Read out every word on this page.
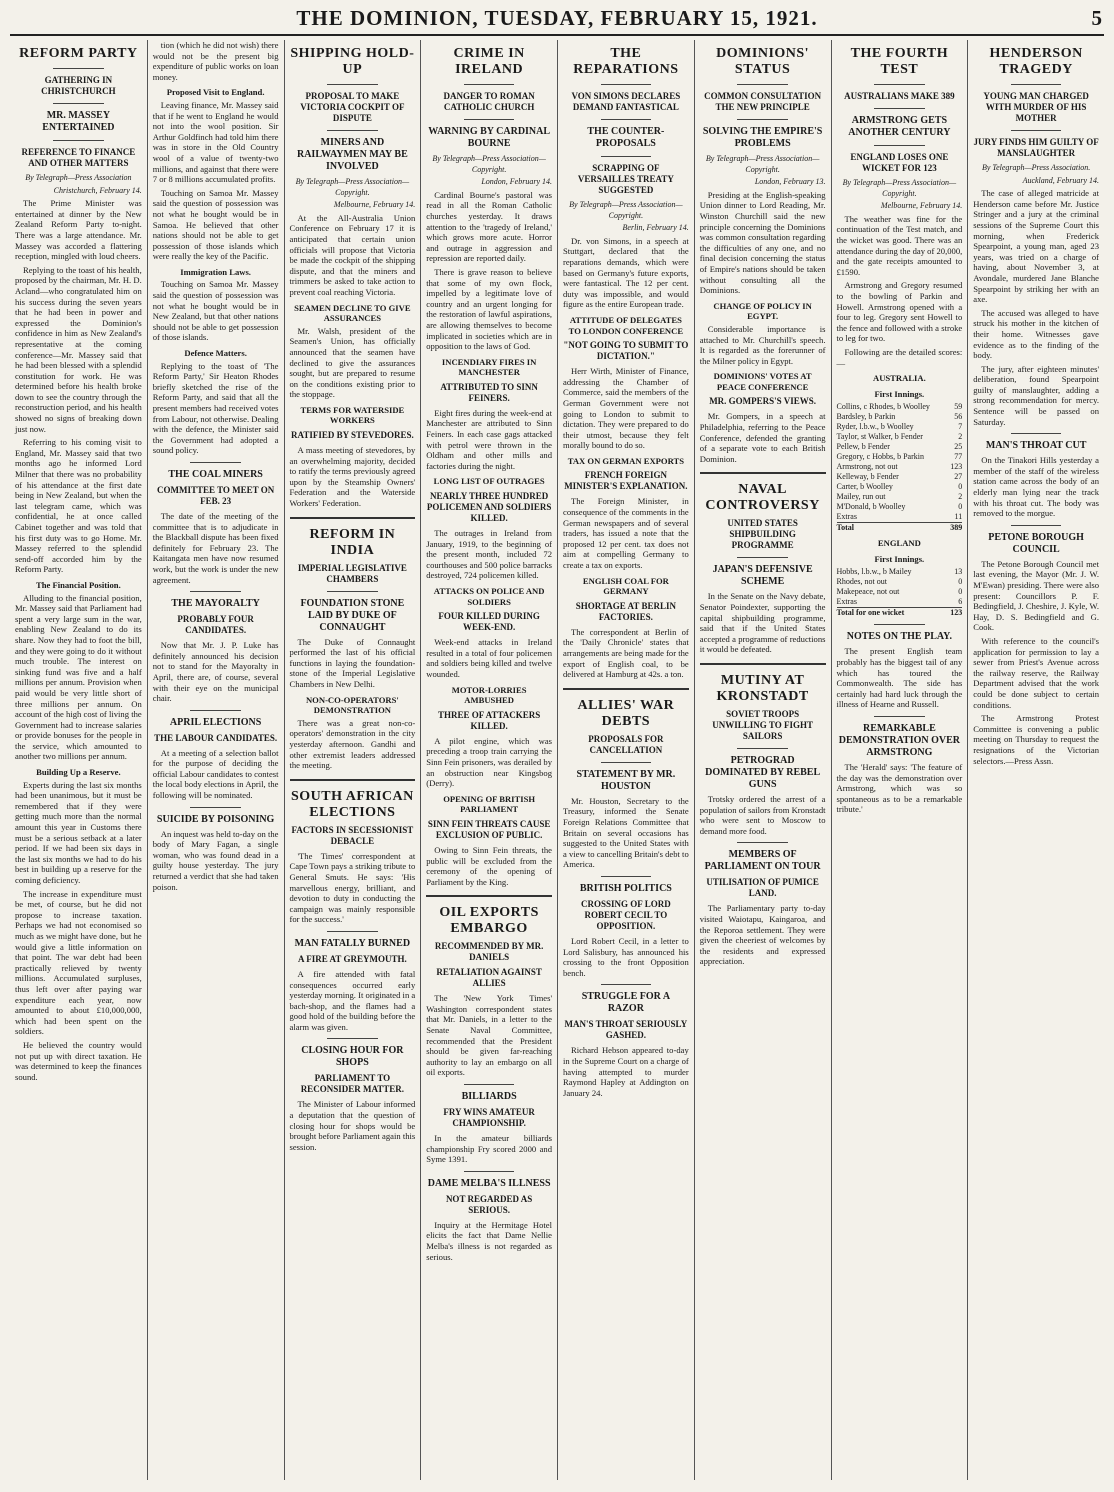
THE DOMINION, TUESDAY, FEBRUARY 15, 1921.	5
REFORM PARTY
GATHERING IN CHRISTCHURCH
MR. MASSEY ENTERTAINED
REFERENCE TO FINANCE AND OTHER MATTERS
By Telegraph—Press Association
Christchurch, February 14.

The Prime Minister was entertained at dinner by the New Zealand Reform Party to-night. There was a large attendance. Mr. Massey was accorded a flattering reception, mingled with loud cheers.

Replying to the toast of his health, proposed by the chairman, Mr. H. D. Acland—who congratulated him on his success during the seven years that he had been in power and expressed the Dominion's confidence in him as New Zealand's representative at the coming conference—Mr. Massey said that he had been blessed with a splendid constitution for work. He was determined before his health broke down to see the country through the reconstruction period, and his health showed no signs of breaking down just now.

Referring to his coming visit to England, Mr. Massey said that two months ago he informed Lord Milner that there was no probability of his attendance at the first date being in New Zealand, but when the last telegram came, which was confidential, he at once called Cabinet together and was told that his first duty was to go Home. Mr. Massey referred to the splendid send-off accorded him by the Reform Party.

The Financial Position.

Alluding to the financial position, Mr. Massey said that Parliament had spent a very large sum in the war, enabling New Zealand to do its share. Now they had to foot the bill, and they were going to do it without much trouble. The interest on sinking fund was five and a half millions per annum. Provision when paid would be very little short of three millions per annum. On account of the high cost of living the Government had to increase salaries or provide bonuses for the people in the service, which amounted to another two millions per annum.

Building Up a Reserve.

Experts during the last six months had been unanimous, but it must be remembered that if they were getting much more than the normal amount this year in Customs there must be a serious setback at a later period. If we had been six days in the last six months we had to do his best in building up a reserve for the coming deficiency.

The increase in expenditure must be met, of course, but he did not propose to increase taxation. Perhaps we had not economised so much as we might have done, but he would give a little information on that point. The war debt had been practically relieved by twenty millions. Accumulated surpluses, thus left over after paying war expenditure each year, now amounted to about £10,000,000, which had been spent on the soldiers.

He believed the country would not put up with direct taxation. He was determined to keep the finances sound.

tion (which he did not wish) there would not be the present big expenditure of public works on loan money.

Proposed Visit to England.

Leaving finance, Mr. Massey said that if he went to England he would not into the wool position. Sir Arthur Goldfinch had told him there was in store in the Old Country wool of a value of twenty-two millions, and against that there were 7 or 8 millions accumulated profits.

Touching on Samoa Mr. Massey said the question of possession was not what he bought would be in Samoa. He believed that other nations should not be able to get possession of those islands which were really the key of the Pacific.

Immigration Laws.

Touching on Samoa Mr. Massey said the question of possession was not what he bought would be in New Zealand, but that other nations should not be able to get possession of those islands.

Defence Matters.

Replying to the toast of 'The Reform Party,' Sir Heaton Rhodes briefly sketched the rise of the Reform Party, and said that all the present members had received votes from Labour, not otherwise. Dealing with the defence, the Minister said the Government had adopted a sound policy.

THE COAL MINERS
COMMITTEE TO MEET ON FEB. 23

The date of the meeting of the committee that is to adjudicate in the Blackball dispute has been fixed definitely for February 23. The Kaitangata men have now resumed work, but the work is under the new agreement.

THE MAYORALTY
PROBABLY FOUR CANDIDATES.

Now that Mr. J. P. Luke has definitely announced his decision not to stand for the Mayoralty in April, there are, of course, several with their eye on the municipal chair.

APRIL ELECTIONS
THE LABOUR CANDIDATES.

At a meeting of a selection ballot for the purpose of deciding the official Labour candidates to contest the local body elections in April, the following will be nominated.

SUICIDE BY POISONING

An inquest was held to-day on the body of Mary Fagan, a single woman, who was found dead in a guilty house yesterday. The jury returned a verdict that she had taken poison.

SHIPPING HOLD-UP
PROPOSAL TO MAKE VICTORIA COCKPIT OF DISPUTE
MINERS AND RAILWAYMEN MAY BE INVOLVED
By Telegraph—Press Association—Copyright.
Melbourne, February 14.

At the All-Australia Union Conference on February 17 it is anticipated that certain union officials will propose that Victoria be made the cockpit of the shipping dispute, and that the miners and trimmers be asked to take action to prevent coal reaching Victoria.

SEAMEN DECLINE TO GIVE ASSURANCES

Mr. Walsh, president of the Seamen's Union, has officially announced that the seamen have declined to give the assurances sought, but are prepared to resume on the conditions existing prior to the stoppage.

TERMS FOR WATERSIDE WORKERS
RATIFIED BY STEVEDORES.

A mass meeting of stevedores, by an overwhelming majority, decided to ratify the terms previously agreed upon by the Steamship Owners' Federation and the Waterside Workers' Federation.

REFORM IN INDIA
IMPERIAL LEGISLATIVE CHAMBERS
FOUNDATION STONE LAID BY DUKE OF CONNAUGHT

The Duke of Connaught performed the last of his official functions in laying the foundation-stone of the Imperial Legislative Chambers in New Delhi.

NON-CO-OPERATORS' DEMONSTRATION

There was a great non-co-operators' demonstration in the city yesterday afternoon. Gandhi and other extremist leaders addressed the meeting.

SOUTH AFRICAN ELECTIONS
FACTORS IN SECESSIONIST DEBACLE

'The Times' correspondent at Cape Town pays a striking tribute to General Smuts. He says: 'His marvellous energy, brilliant, and devotion to duty in conducting the campaign was mainly responsible for the success.'

MAN FATALLY BURNED
A FIRE AT GREYMOUTH.

A fire attended with fatal consequences occurred early yesterday morning. It originated in a bach-shop, and the flames had a good hold of the building before the alarm was given.

CLOSING HOUR FOR SHOPS
PARLIAMENT TO RECONSIDER MATTER.

The Minister of Labour informed a deputation that the question of closing hour for shops would be brought before Parliament again this session.

CRIME IN IRELAND
DANGER TO ROMAN CATHOLIC CHURCH
WARNING BY CARDINAL BOURNE
By Telegraph—Press Association—Copyright.
London, February 14.

Cardinal Bourne's pastoral was read in all the Roman Catholic churches yesterday. It draws attention to the 'tragedy of Ireland,' which grows more acute. Horror and outrage in aggression and repression are reported daily.

There is grave reason to believe that some of my own flock, impelled by a legitimate love of country and an urgent longing for the restoration of lawful aspirations, are allowing themselves to become implicated in societies which are in opposition to the laws of God.

INCENDIARY FIRES IN MANCHESTER
ATTRIBUTED TO SINN FEINERS.

Eight fires during the week-end at Manchester are attributed to Sinn Feiners. In each case gags attacked with petrol were thrown in the Oldham and other mills and factories during the night.

LONG LIST OF OUTRAGES
NEARLY THREE HUNDRED POLICEMEN AND SOLDIERS KILLED.

The outrages in Ireland from January, 1919, to the beginning of the present month, included 72 courthouses and 500 police barracks destroyed, 724 policemen killed.

ATTACKS ON POLICE AND SOLDIERS
FOUR KILLED DURING WEEK-END.

Week-end attacks in Ireland resulted in a total of four policemen and soldiers being killed and twelve wounded.

MOTOR-LORRIES AMBUSHED
THREE OF ATTACKERS KILLED.

A pilot engine, which was preceding a troop train carrying the Sinn Fein prisoners, was derailed by an obstruction near Kingsbog (Derry).

OPENING OF BRITISH PARLIAMENT
SINN FEIN THREATS CAUSE EXCLUSION OF PUBLIC.

Owing to Sinn Fein threats, the public will be excluded from the ceremony of the opening of Parliament by the King.

OIL EXPORTS EMBARGO
RECOMMENDED BY MR. DANIELS
RETALIATION AGAINST ALLIES

The 'New York Times' Washington correspondent states that Mr. Daniels, in a letter to the Senate Naval Committee, recommended that the President should be given far-reaching authority to lay an embargo on all oil exports.

BILLIARDS
FRY WINS AMATEUR CHAMPIONSHIP.

In the amateur billiards championship Fry scored 2000 and Syme 1391.

DAME MELBA'S ILLNESS
NOT REGARDED AS SERIOUS.

Inquiry at the Hermitage Hotel elicits the fact that Dame Nellie Melba's illness is not regarded as serious.

THE REPARATIONS
VON SIMONS DECLARES DEMAND FANTASTICAL
THE COUNTER-PROPOSALS
SCRAPPING OF VERSAILLES TREATY SUGGESTED
By Telegraph—Press Association—Copyright.
Berlin, February 14.

Dr. von Simons, in a speech at Stuttgart, declared that the reparations demands, which were based on Germany's future exports, were fantastical. The 12 per cent. duty was impossible, and would figure as the entire European trade.

ATTITUDE OF DELEGATES TO LONDON CONFERENCE
"NOT GOING TO SUBMIT TO DICTATION."

Herr Wirth, Minister of Finance, addressing the Chamber of Commerce, said the members of the German Government were not going to London to submit to dictation. They were prepared to do their utmost, because they felt morally bound to do so.

TAX ON GERMAN EXPORTS
FRENCH FOREIGN MINISTER'S EXPLANATION.

The Foreign Minister, in consequence of the comments in the German newspapers and of several traders, has issued a note that the proposed 12 per cent. tax does not aim at compelling Germany to create a tax on exports.

ENGLISH COAL FOR GERMANY
SHORTAGE AT BERLIN FACTORIES.

The correspondent at Berlin of the 'Daily Chronicle' states that arrangements are being made for the export of English coal, to be delivered at Hamburg at 42s. a ton.

ALLIES' WAR DEBTS
PROPOSALS FOR CANCELLATION
STATEMENT BY MR. HOUSTON

Mr. Houston, Secretary to the Treasury, informed the Senate Foreign Relations Committee that Britain on several occasions has suggested to the United States with a view to cancelling Britain's debt to America.

BRITISH POLITICS
CROSSING OF LORD ROBERT CECIL TO OPPOSITION.

Lord Robert Cecil, in a letter to Lord Salisbury, has announced his crossing to the front Opposition bench.

STRUGGLE FOR A RAZOR
MAN'S THROAT SERIOUSLY GASHED.

Richard Hebson appeared to-day in the Supreme Court on a charge of having attempted to murder Raymond Hapley at Addington on January 24.

DOMINIONS' STATUS
COMMON CONSULTATION THE NEW PRINCIPLE
SOLVING THE EMPIRE'S PROBLEMS
By Telegraph—Press Association—Copyright.
London, February 13.

Presiding at the English-speaking Union dinner to Lord Reading, Mr. Winston Churchill said the new principle concerning the Dominions was common consultation regarding the difficulties of any one, and no final decision concerning the status of Empire's nations should be taken without consulting all the Dominions.

CHANGE OF POLICY IN EGYPT.

Considerable importance is attached to Mr. Churchill's speech. It is regarded as the forerunner of the Milner policy in Egypt.

DOMINIONS' VOTES AT PEACE CONFERENCE
MR. GOMPERS'S VIEWS.

Mr. Gompers, in a speech at Philadelphia, referring to the Peace Conference, defended the granting of a separate vote to each British Dominion.

NAVAL CONTROVERSY
UNITED STATES SHIPBUILDING PROGRAMME
JAPAN'S DEFENSIVE SCHEME

In the Senate on the Navy debate, Senator Poindexter, supporting the capital shipbuilding programme, said that if the United States accepted a programme of reductions it would be defeated.

MUTINY AT KRONSTADT
SOVIET TROOPS UNWILLING TO FIGHT SAILORS
PETROGRAD DOMINATED BY REBEL GUNS

Trotsky ordered the arrest of a population of sailors from Kronstadt who were sent to Moscow to demand more food.

MEMBERS OF PARLIAMENT ON TOUR
UTILISATION OF PUMICE LAND.

The Parliamentary party to-day visited Waiotapu, Kaingaroa, and the Reporoa settlement. They were given the cheeriest of welcomes by the residents and expressed appreciation.

THE FOURTH TEST
AUSTRALIANS MAKE 389
ARMSTRONG GETS ANOTHER CENTURY
ENGLAND LOSES ONE WICKET FOR 123
By Telegraph—Press Association—Copyright.
Melbourne, February 14.

The weather was fine for the continuation of the Test match, and the wicket was good. There was an attendance during the day of 20,000, and the gate receipts amounted to £1590.

Armstrong and Gregory resumed to the bowling of Parkin and Howell. Armstrong opened with a four to leg. Gregory sent Howell to the fence and followed with a stroke to leg for two.

Following are the detailed scores:—

AUSTRALIA.
First Innings.
Collins, c Rhodes, b Woolley	59
Bardsley, b Parkin	56
Ryder, l.b.w., b Woolley	7
Taylor, st Walker, b Fender	2
Pellew, b Fender	25
Gregory, c Hobbs, b Parkin	77
Armstrong, not out	123
Kelleway, b Fender	27
Carter, b Woolley	0
Mailey, run out	2
M'Donald, b Woolley	0
Extras	11
Total	389
ENGLAND
First Innings.
Hobbs, l.b.w., b Mailey	13
Rhodes, not out	0
Makepeace, not out	0
Extras	6
Total for one wicket	123
NOTES ON THE PLAY.

The present English team probably has the biggest tail of any which has toured the Commonwealth. The side has certainly had hard luck through the illness of Hearne and Russell.

REMARKABLE DEMONSTRATION OVER ARMSTRONG

The 'Herald' says: 'The feature of the day was the demonstration over Armstrong, which was so spontaneous as to be a remarkable tribute.'

HENDERSON TRAGEDY
YOUNG MAN CHARGED WITH MURDER OF HIS MOTHER
JURY FINDS HIM GUILTY OF MANSLAUGHTER
By Telegraph—Press Association.
Auckland, February 14.

The case of alleged matricide at Henderson came before Mr. Justice Stringer and a jury at the criminal sessions of the Supreme Court this morning, when Frederick Spearpoint, a young man, aged 23 years, was tried on a charge of having, about November 3, at Avondale, murdered Jane Blanche Spearpoint by striking her with an axe.

The accused was alleged to have struck his mother in the kitchen of their home. Witnesses gave evidence as to the finding of the body.

The jury, after eighteen minutes' deliberation, found Spearpoint guilty of manslaughter, adding a strong recommendation for mercy. Sentence will be passed on Saturday.

MAN'S THROAT CUT

On the Tinakori Hills yesterday a member of the staff of the wireless station came across the body of an elderly man lying near the track with his throat cut. The body was removed to the morgue.

PETONE BOROUGH COUNCIL

The Petone Borough Council met last evening, the Mayor (Mr. J. W. M'Ewan) presiding. There were also present: Councillors P. F. Bedingfield, J. Cheshire, J. Kyle, W. Hay, D. S. Bedingfield and G. Cook.

With reference to the council's application for permission to lay a sewer from Priest's Avenue across the railway reserve, the Railway Department advised that the work could be done subject to certain conditions.

The Armstrong Protest Committee is convening a public meeting on Thursday to request the resignations of the Victorian selectors.—Press Assn.
